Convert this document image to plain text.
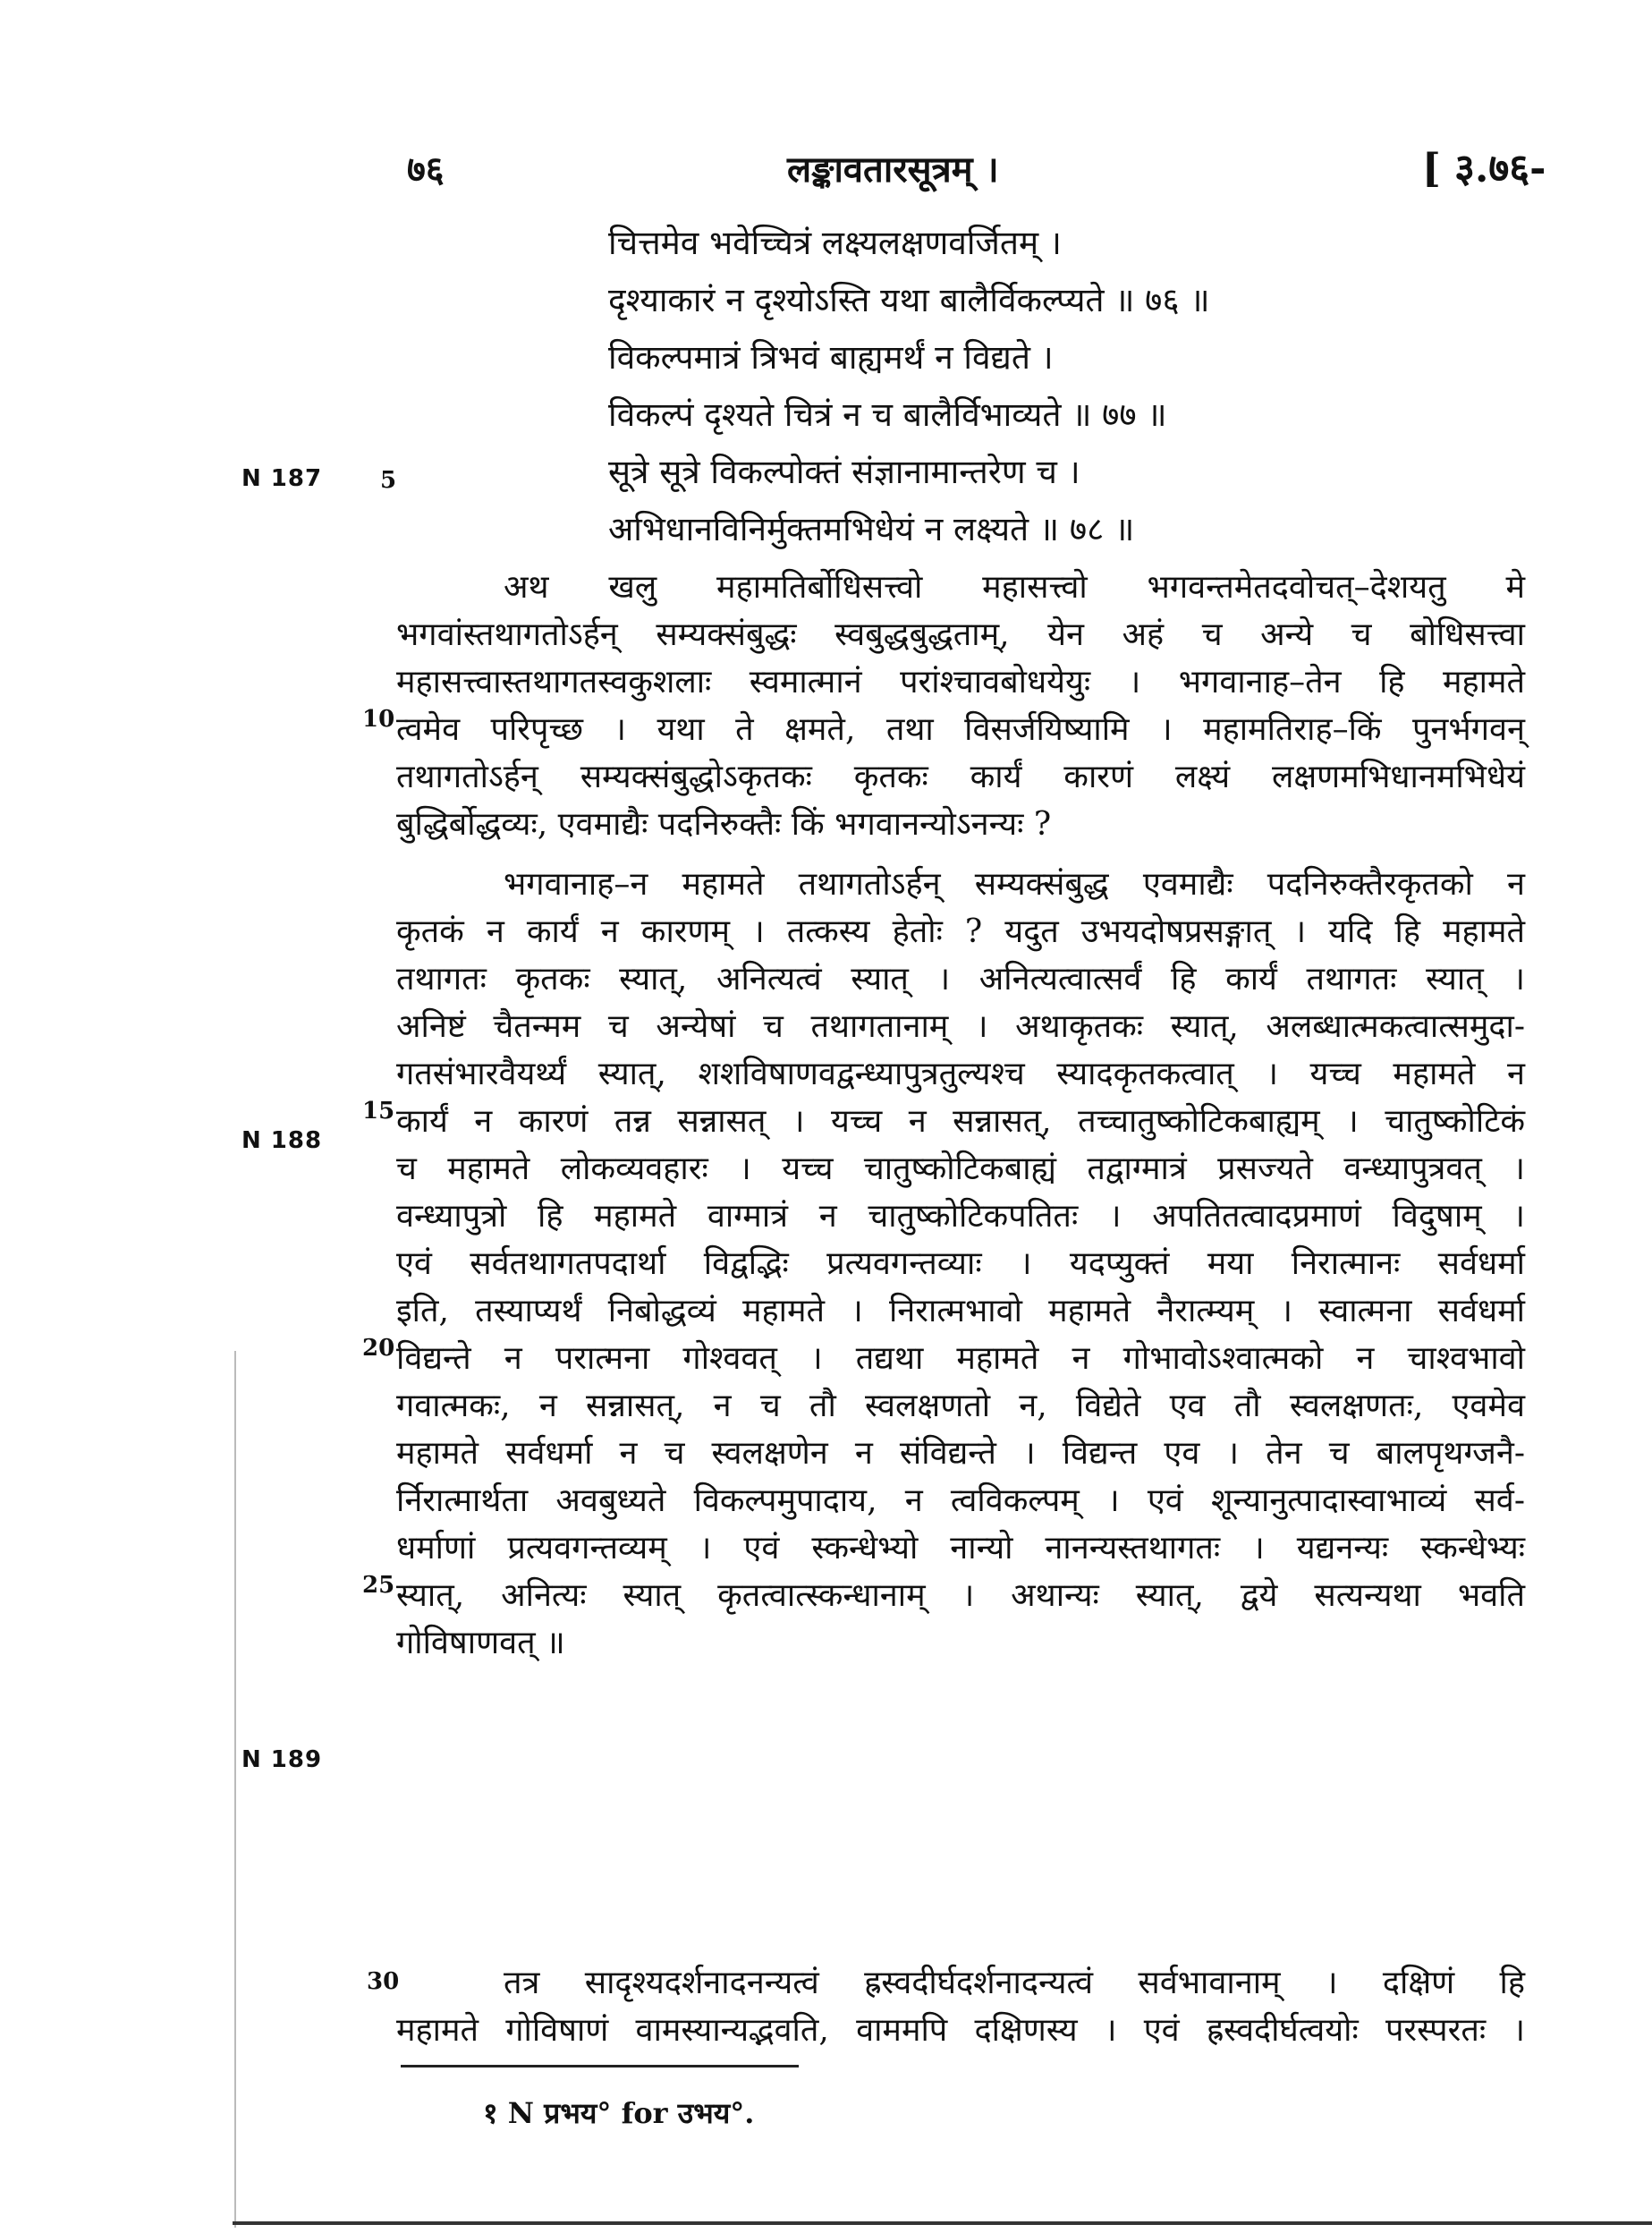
७६	लङ्कावतारसूत्रम् ।	[ ३.७६-
चित्तमेव भवेच्चित्रं लक्ष्यलक्षणवर्जितम् ।
दृश्याकारं न दृश्योऽस्ति यथा बालैर्विकल्प्यते ॥ ७६ ॥
विकल्पमात्रं त्रिभवं बाह्यमर्थं न विद्यते ।
विकल्पं दृश्यते चित्रं न च बालैर्विभाव्यते ॥ ७७ ॥
सूत्रे सूत्रे विकल्पोक्तं संज्ञानामान्तरेण च ।
अभिधानविनिर्मुक्तमभिधेयं न लक्ष्यते ॥ ७८ ॥
अथ खलु महामतिर्बोधिसत्त्वो महासत्त्वो भगवन्तमेतदवोचत्–देशयतु मे
भगवांस्तथागतोऽर्हन् सम्यक्संबुद्धः स्वबुद्धबुद्धताम्, येन अहं च अन्ये च बोधिसत्त्वा
महासत्त्वास्तथागतस्वकुशलाः स्वमात्मानं परांश्चावबोधयेयुः । भगवानाह–तेन हि महामते
त्वमेव परिपृच्छ । यथा ते क्षमते, तथा विसर्जयिष्यामि । महामतिराह–किं पुनर्भगवन्
तथागतोऽर्हन् सम्यक्संबुद्धोऽकृतकः कृतकः कार्यं कारणं लक्ष्यं लक्षणमभिधानमभिधेयं
बुद्धिर्बोद्धव्यः, एवमाद्यैः पदनिरुक्तैः किं भगवानन्योऽनन्यः ?
भगवानाह–न महामते तथागतोऽर्हन् सम्यक्संबुद्ध एवमाद्यैः पदनिरुक्तैरकृतको न
कृतकं न कार्यं न कारणम् । तत्कस्य हेतोः ? यदुत उभयदोषप्रसङ्गात् । यदि हि महामते
तथागतः कृतकः स्यात्, अनित्यत्वं स्यात् । अनित्यत्वात्सर्वं हि कार्यं तथागतः स्यात् ।
अनिष्टं चैतन्मम च अन्येषां च तथागतानाम् । अथाकृतकः स्यात्, अलब्धात्मकत्वात्समुदा-
गतसंभारवैयर्थ्यं स्यात्, शशविषाणवद्वन्ध्यापुत्रतुल्यश्च स्यादकृतकत्वात् । यच्च महामते न
कार्यं न कारणं तन्न सन्नासत् । यच्च न सन्नासत्, तच्चातुष्कोटिकबाह्यम् । चातुष्कोटिकं
च महामते लोकव्यवहारः । यच्च चातुष्कोटिकबाह्यं तद्वाग्मात्रं प्रसज्यते वन्ध्यापुत्रवत् ।
वन्ध्यापुत्रो हि महामते वाग्मात्रं न चातुष्कोटिकपतितः । अपतितत्वादप्रमाणं विदुषाम् ।
एवं सर्वतथागतपदार्था विद्वद्भिः प्रत्यवगन्तव्याः । यदप्युक्तं मया निरात्मानः सर्वधर्मा
इति, तस्याप्यर्थं निबोद्धव्यं महामते । निरात्मभावो महामते नैरात्म्यम् । स्वात्मना सर्वधर्मा
विद्यन्ते न परात्मना गोश्ववत् । तद्यथा महामते न गोभावोऽश्वात्मको न चाश्वभावो
गवात्मकः, न सन्नासत्, न च तौ स्वलक्षणतो न, विद्येते एव तौ स्वलक्षणतः, एवमेव
महामते सर्वधर्मा न च स्वलक्षणेन न संविद्यन्ते । विद्यन्त एव । तेन च बालपृथग्जनै-
र्निरात्मार्थता अवबुध्यते विकल्पमुपादाय, न त्वविकल्पम् । एवं शून्यानुत्पादास्वाभाव्यं सर्व-
धर्माणां प्रत्यवगन्तव्यम् । एवं स्कन्धेभ्यो नान्यो नानन्यस्तथागतः । यद्यनन्यः स्कन्धेभ्यः
स्यात्, अनित्यः स्यात् कृतत्वात्स्कन्धानाम् । अथान्यः स्यात्, द्वये सत्यन्यथा भवति
गोविषाणवत् ॥
तत्र सादृश्यदर्शनादनन्यत्वं ह्रस्वदीर्घदर्शनादन्यत्वं सर्वभावानाम् । दक्षिणं हि
महामते गोविषाणं वामस्यान्यद्भवति, वाममपि दक्षिणस्य । एवं ह्रस्वदीर्घत्वयोः परस्परतः ।
N 187
N 188
N 189
5
10
15
20
25
30
१ N प्रभय° for उभय°.
